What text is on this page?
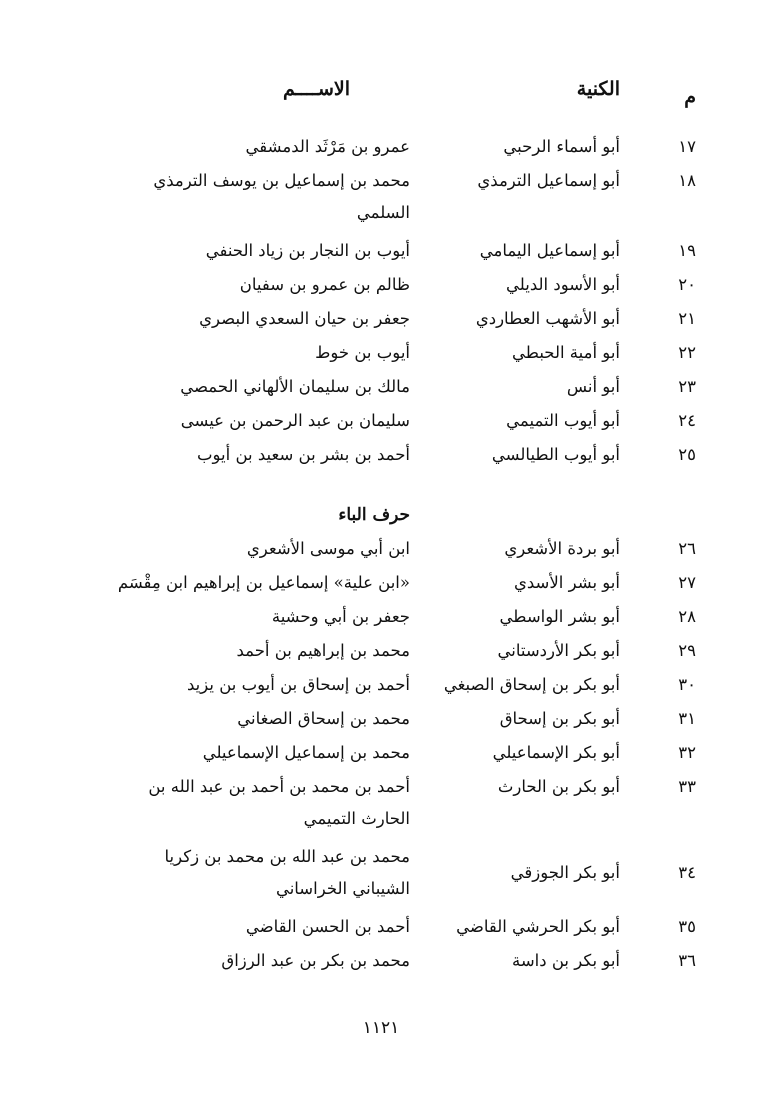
م
الكنية
الاســــم
١٧
أبو أسماء الرحبي
عمرو بن مَرْثَد الدمشقي
١٨
أبو إسماعيل الترمذي
محمد بن إسماعيل بن يوسف الترمذي
السلمي
١٩
أبو إسماعيل اليمامي
أيوب بن النجار بن زياد الحنفي
٢٠
أبو الأسود الديلي
ظالم بن عمرو بن سفيان
٢١
أبو الأشهب العطاردي
جعفر بن حيان السعدي البصري
٢٢
أبو أمية الحبطي
أيوب بن خوط
٢٣
أبو أنس
مالك بن سليمان الألهاني الحمصي
٢٤
أبو أيوب التميمي
سليمان بن عبد الرحمن بن عيسى
٢٥
أبو أيوب الطيالسي
أحمد بن بشر بن سعيد بن أيوب
حرف الباء
٢٦
أبو بردة الأشعري
ابن أبي موسى الأشعري
٢٧
أبو بشر الأسدي
«ابن علية» إسماعيل بن إبراهيم ابن مِقْسَم
٢٨
أبو بشر الواسطي
جعفر بن أبي وحشية
٢٩
أبو بكر الأردستاني
محمد بن إبراهيم بن أحمد
٣٠
أبو بكر بن إسحاق الصبغي
أحمد بن إسحاق بن أيوب بن يزيد
٣١
أبو بكر بن إسحاق
محمد بن إسحاق الصغاني
٣٢
أبو بكر الإسماعيلي
محمد بن إسماعيل الإسماعيلي
٣٣
أبو بكر بن الحارث
أحمد بن محمد بن أحمد بن عبد الله بن
الحارث التميمي
٣٤
أبو بكر الجوزقي
محمد بن عبد الله بن محمد بن زكريا
الشيباني الخراساني
٣٥
أبو بكر الحرشي القاضي
أحمد بن الحسن القاضي
٣٦
أبو بكر بن داسة
محمد بن بكر بن عبد الرزاق
١١٢١
